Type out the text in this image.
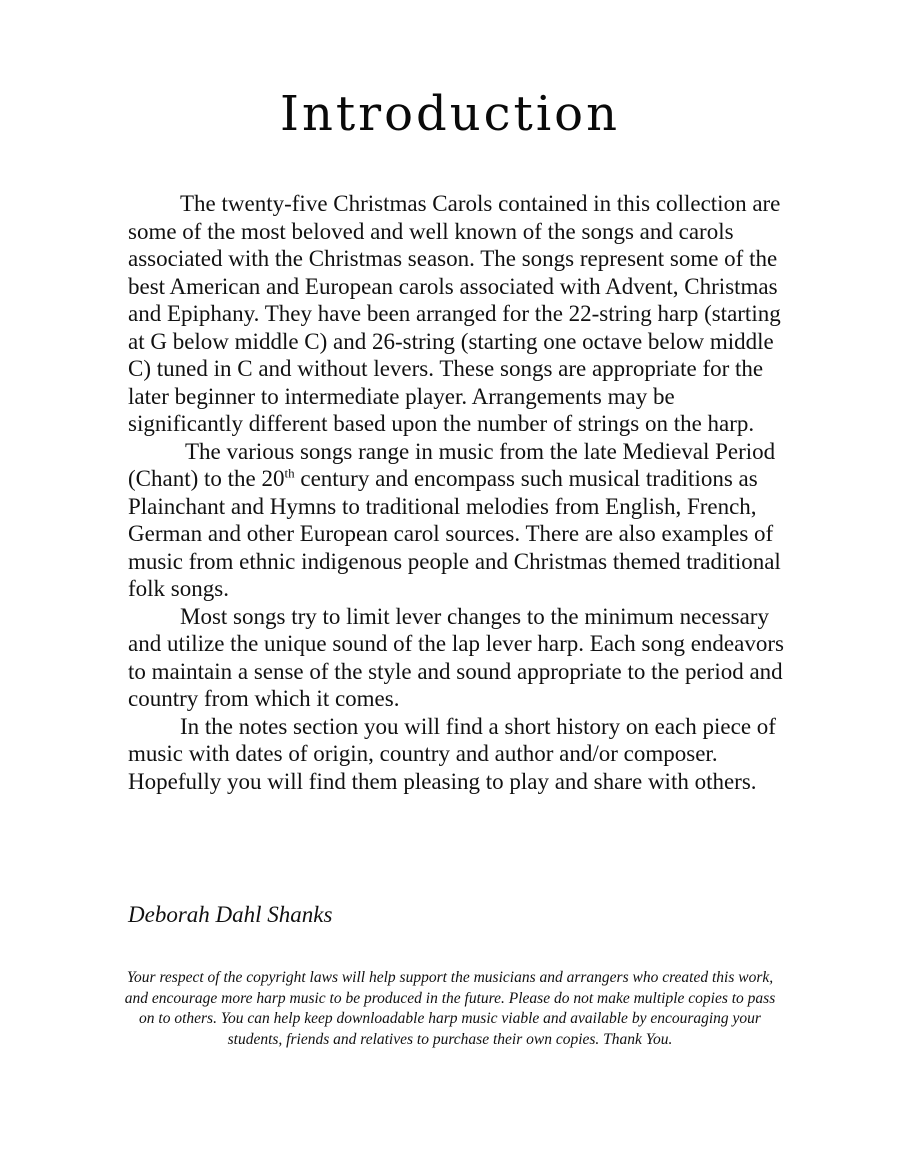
Introduction

The twenty-five Christmas Carols contained in this collection are some of the most beloved and well known of the songs and carols associated with the Christmas season. The songs represent some of the best American and European carols associated with Advent, Christmas and Epiphany. They have been arranged for the 22-string harp (starting at G below middle C) and 26-string (starting one octave below middle C) tuned in C and without levers. These songs are appropriate for the later beginner to intermediate player. Arrangements may be significantly different based upon the number of strings on the harp.

The various songs range in music from the late Medieval Period (Chant) to the 20th century and encompass such musical traditions as Plainchant and Hymns to traditional melodies from English, French, German and other European carol sources. There are also examples of music from ethnic indigenous people and Christmas themed traditional folk songs.

Most songs try to limit lever changes to the minimum necessary and utilize the unique sound of the lap lever harp. Each song endeavors to maintain a sense of the style and sound appropriate to the period and country from which it comes.

In the notes section you will find a short history on each piece of music with dates of origin, country and author and/or composer. Hopefully you will find them pleasing to play and share with others.

Deborah Dahl Shanks
Your respect of the copyright laws will help support the musicians and arrangers who created this work, and encourage more harp music to be produced in the future. Please do not make multiple copies to pass on to others. You can help keep downloadable harp music viable and available by encouraging your students, friends and relatives to purchase their own copies. Thank You.
